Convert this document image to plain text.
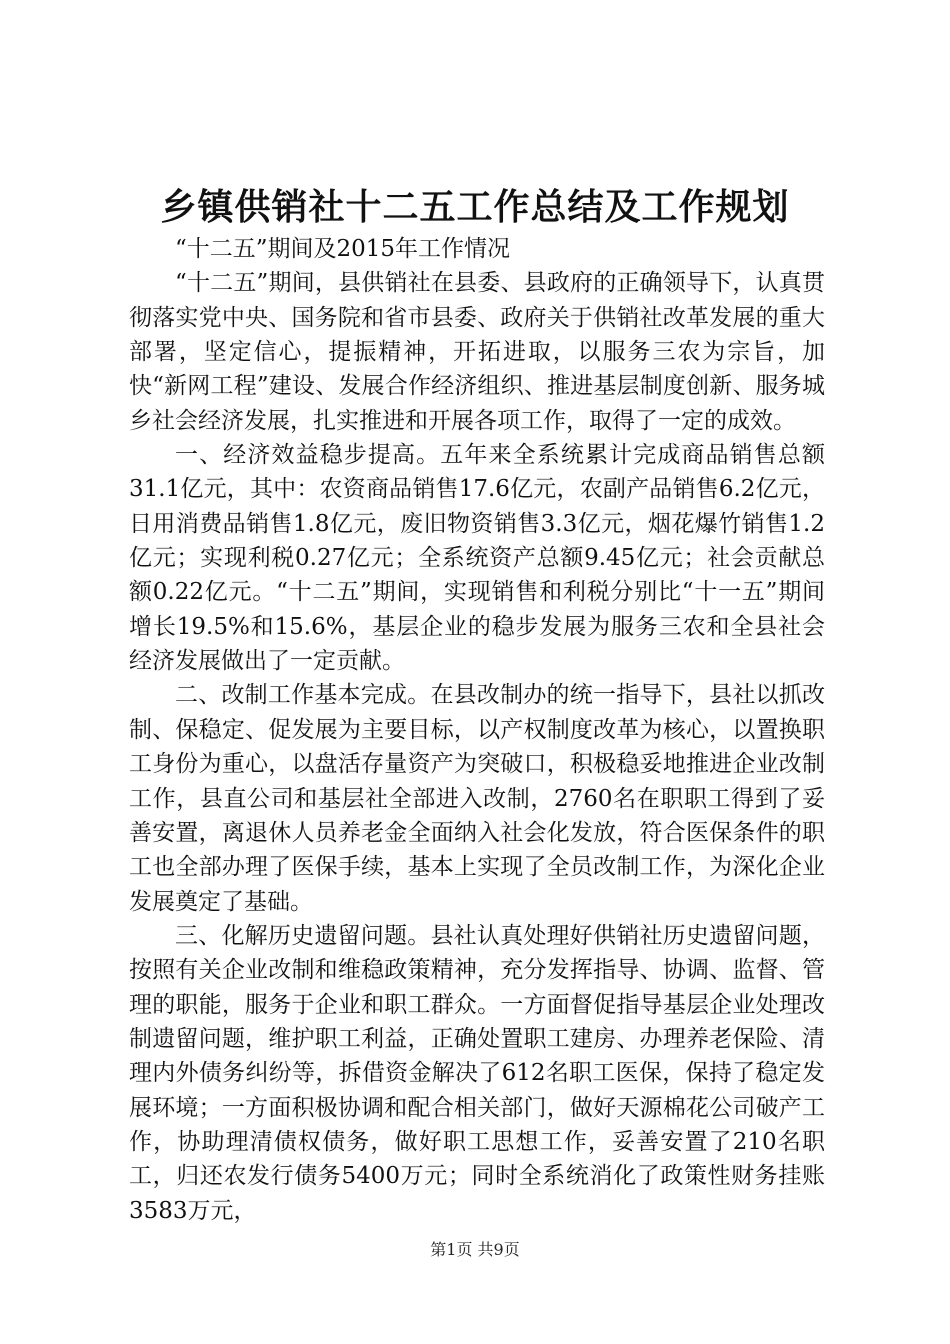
乡镇供销社十二五工作总结及工作规划

“十二五”期间及2015年工作情况

“十二五”期间，县供销社在县委、县政府的正确领导下，认真贯彻落实党中央、国务院和省市县委、政府关于供销社改革发展的重大部署，坚定信心，提振精神，开拓进取，以服务三农为宗旨，加快“新网工程”建设、发展合作经济组织、推进基层制度创新、服务城乡社会经济发展，扎实推进和开展各项工作，取得了一定的成效。

一、经济效益稳步提高。五年来全系统累计完成商品销售总额31.1亿元，其中：农资商品销售17.6亿元，农副产品销售6.2亿元，日用消费品销售1.8亿元，废旧物资销售3.3亿元，烟花爆竹销售1.2亿元；实现利税0.27亿元；全系统资产总额9.45亿元；社会贡献总额0.22亿元。“十二五”期间，实现销售和利税分别比“十一五”期间增长19.5%和15.6%，基层企业的稳步发展为服务三农和全县社会经济发展做出了一定贡献。

二、改制工作基本完成。在县改制办的统一指导下，县社以抓改制、保稳定、促发展为主要目标，以产权制度改革为核心，以置换职工身份为重心，以盘活存量资产为突破口，积极稳妥地推进企业改制工作，县直公司和基层社全部进入改制，2760名在职职工得到了妥善安置，离退休人员养老金全面纳入社会化发放，符合医保条件的职工也全部办理了医保手续，基本上实现了全员改制工作，为深化企业发展奠定了基础。

三、化解历史遗留问题。县社认真处理好供销社历史遗留问题，按照有关企业改制和维稳政策精神，充分发挥指导、协调、监督、管理的职能，服务于企业和职工群众。一方面督促指导基层企业处理改制遗留问题，维护职工利益，正确处置职工建房、办理养老保险、清理内外债务纠纷等，拆借资金解决了612名职工医保，保持了稳定发展环境；一方面积极协调和配合相关部门，做好天源棉花公司破产工作，协助理清债权债务，做好职工思想工作，妥善安置了210名职工，归还农发行债务5400万元；同时全系统消化了政策性财务挂账3583万元，

第1页 共9页
